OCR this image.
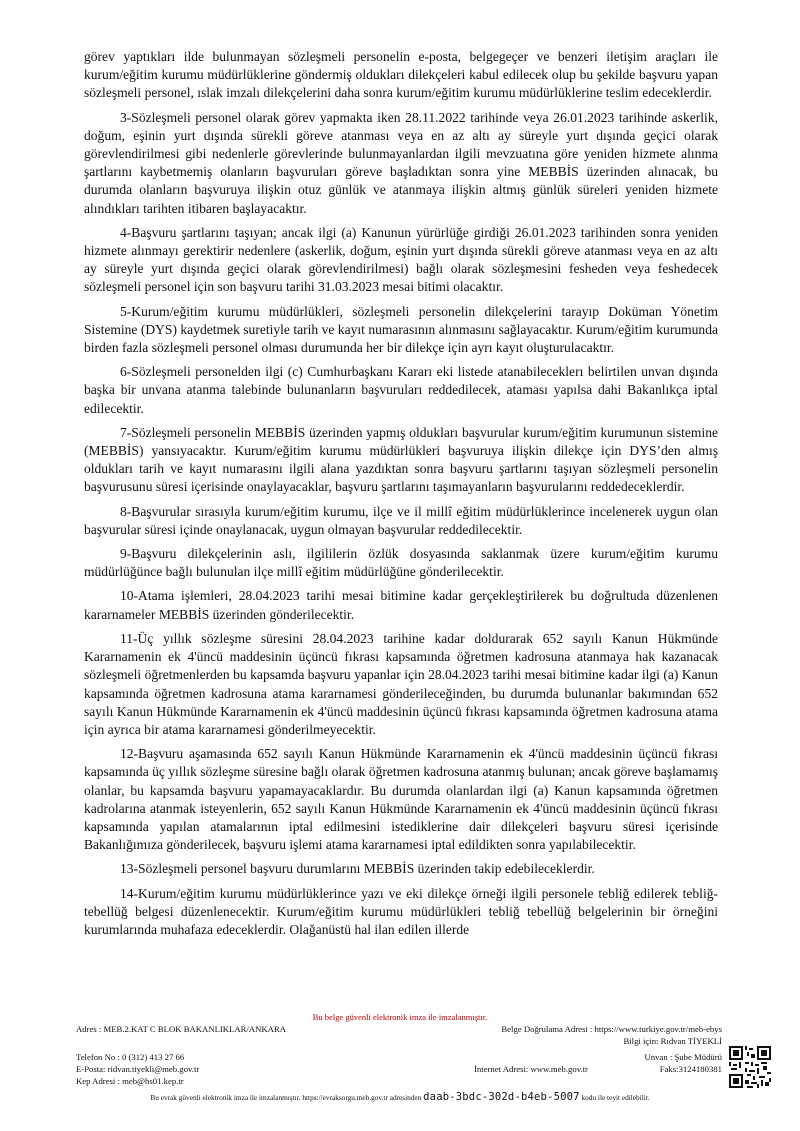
görev yaptıkları ilde bulunmayan sözleşmeli personelin e-posta, belgegeçer ve benzeri iletişim araçları ile kurum/eğitim kurumu müdürlüklerine göndermiş oldukları dilekçeleri kabul edilecek olup bu şekilde başvuru yapan sözleşmeli personel, ıslak imzalı dilekçelerini daha sonra kurum/eğitim kurumu müdürlüklerine teslim edeceklerdir.

3-Sözleşmeli personel olarak görev yapmakta iken 28.11.2022 tarihinde veya 26.01.2023 tarihinde askerlik, doğum, eşinin yurt dışında sürekli göreve atanması veya en az altı ay süreyle yurt dışında geçici olarak görevlendirilmesi gibi nedenlerle görevlerinde bulunmayanlardan ilgili mevzuatına göre yeniden hizmete alınma şartlarını kaybetmemiş olanların başvuruları göreve başladıktan sonra yine MEBBİS üzerinden alınacak, bu durumda olanların başvuruya ilişkin otuz günlük ve atanmaya ilişkin altmış günlük süreleri yeniden hizmete alındıkları tarihten itibaren başlayacaktır.

4-Başvuru şartlarını taşıyan; ancak ilgi (a) Kanunun yürürlüğe girdiği 26.01.2023 tarihinden sonra yeniden hizmete alınmayı gerektirir nedenlere (askerlik, doğum, eşinin yurt dışında sürekli göreve atanması veya en az altı ay süreyle yurt dışında geçici olarak görevlendirilmesi) bağlı olarak sözleşmesini fesheden veya feshedecek sözleşmeli personel için son başvuru tarihi 31.03.2023 mesai bitimi olacaktır.

5-Kurum/eğitim kurumu müdürlükleri, sözleşmeli personelin dilekçelerini tarayıp Doküman Yönetim Sistemine (DYS) kaydetmek suretiyle tarih ve kayıt numarasının alınmasını sağlayacaktır. Kurum/eğitim kurumunda birden fazla sözleşmeli personel olması durumunda her bir dilekçe için ayrı kayıt oluşturulacaktır.

6-Sözleşmeli personelden ilgi (c) Cumhurbaşkanı Kararı eki listede atanabileceklerı belirtilen unvan dışında başka bir unvana atanma talebinde bulunanların başvuruları reddedilecek, ataması yapılsa dahi Bakanlıkça iptal edilecektir.

7-Sözleşmeli personelin MEBBİS üzerinden yapmış oldukları başvurular kurum/eğitim kurumunun sistemine (MEBBİS) yansıyacaktır. Kurum/eğitim kurumu müdürlükleri başvuruya ilişkin dilekçe için DYS’den almış oldukları tarih ve kayıt numarasını ilgili alana yazdıktan sonra başvuru şartlarını taşıyan sözleşmeli personelin başvurusunu süresi içerisinde onaylayacaklar, başvuru şartlarını taşımayanların başvurularını reddedeceklerdir.

8-Başvurular sırasıyla kurum/eğitim kurumu, ilçe ve il millî eğitim müdürlüklerince incelenerek uygun olan başvurular süresi içinde onaylanacak, uygun olmayan başvurular reddedilecektir.

9-Başvuru dilekçelerinin aslı, ilgililerin özlük dosyasında saklanmak üzere kurum/eğitim kurumu müdürlüğünce bağlı bulunulan ilçe millî eğitim müdürlüğüne gönderilecektir.

10-Atama işlemleri, 28.04.2023 tarihi mesai bitimine kadar gerçekleştirilerek bu doğrultuda düzenlenen kararnameler MEBBİS üzerinden gönderilecektir.

11-Üç yıllık sözleşme süresini 28.04.2023 tarihine kadar doldurarak 652 sayılı Kanun Hükmünde Kararnamenin ek 4'üncü maddesinin üçüncü fıkrası kapsamında öğretmen kadrosuna atanmaya hak kazanacak sözleşmeli öğretmenlerden bu kapsamda başvuru yapanlar için 28.04.2023 tarihi mesai bitimine kadar ilgi (a) Kanun kapsamında öğretmen kadrosuna atama kararnamesi gönderileceğinden, bu durumda bulunanlar bakımından 652 sayılı Kanun Hükmünde Kararnamenin ek 4'üncü maddesinin üçüncü fıkrası kapsamında öğretmen kadrosuna atama için ayrıca bir atama kararnamesi gönderilmeyecektir.

12-Başvuru aşamasında 652 sayılı Kanun Hükmünde Kararnamenin ek 4'üncü maddesinin üçüncü fıkrası kapsamında üç yıllık sözleşme süresine bağlı olarak öğretmen kadrosuna atanmış bulunan; ancak göreve başlamamış olanlar, bu kapsamda başvuru yapamayacaklardır. Bu durumda olanlardan ilgi (a) Kanun kapsamında öğretmen kadrolarına atanmak isteyenlerin, 652 sayılı Kanun Hükmünde Kararnamenin ek 4'üncü maddesinin üçüncü fıkrası kapsamında yapılan atamalarının iptal edilmesini istediklerine dair dilekçeleri başvuru süresi içerisinde Bakanlığımıza gönderilecek, başvuru işlemi atama kararnamesi iptal edildikten sonra yapılabilecektir.

13-Sözleşmeli personel başvuru durumlarını MEBBİS üzerinden takip edebileceklerdir.

14-Kurum/eğitim kurumu müdürlüklerince yazı ve eki dilekçe örneği ilgili personele tebliğ edilerek tebliğ-tebellüğ belgesi düzenlenecektir. Kurum/eğitim kurumu müdürlükleri tebliğ tebellüğ belgelerinin bir örneğini kurumlarında muhafaza edeceklerdir. Olağanüstü hal ilan edilen illerde

Bu belge güvenli elektronik imza ile imzalanmıştır.
Adres : MEB.2.KAT C BLOK BAKANLIKLAR/ANKARA	Belge Doğrulama Adresi : https://www.turkiye.gov.tr/meb-ebys
Bilgi için: Rıdvan TİYEKLİ
Telefon No : 0 (312) 413 27 66	Unvan : Şube Müdürü
E-Posta: ridvan.tiyekli@meb.gov.tr	İnternet Adresi: www.meb.gov.tr	Faks:3124180381
Kep Adresi : meb@hs01.kep.tr
Bu evrak güvenli elektronik imza ile imzalanmıştır. https://evraksorgu.meb.gov.tr adresinden daab-3bdc-302d-b4eb-5007 kodu ile teyit edilebilir.
